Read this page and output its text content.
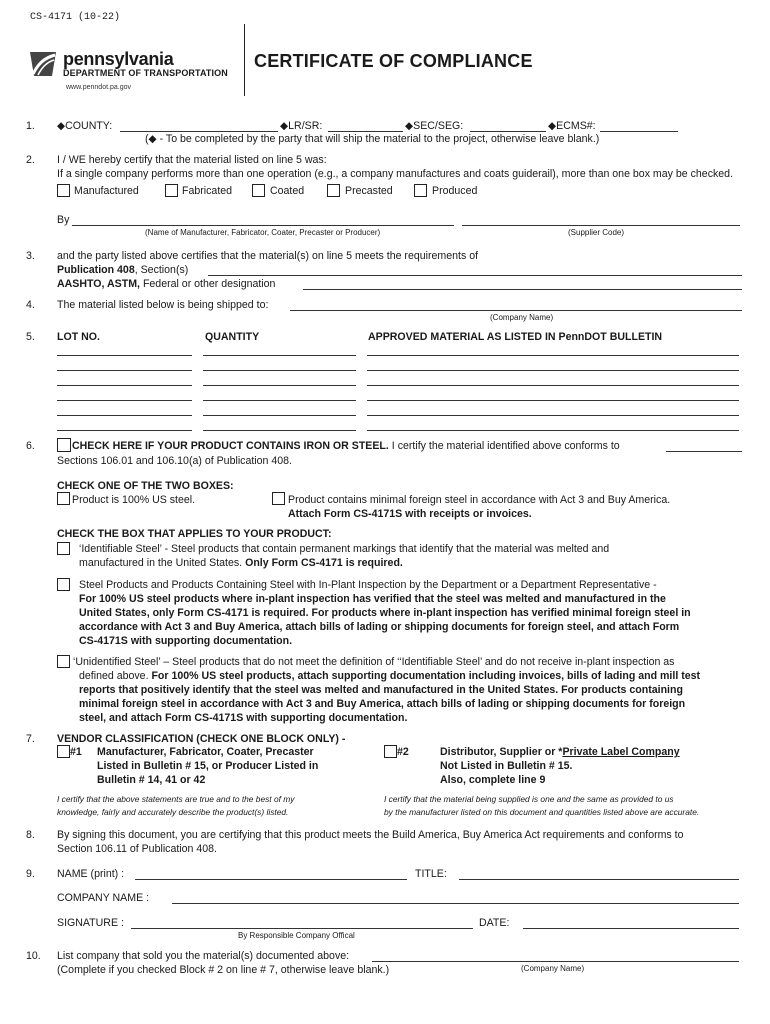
CS-4171 (10-22)
pennsylvania
DEPARTMENT OF TRANSPORTATION
www.penndot.pa.gov
CERTIFICATE OF COMPLIANCE
1. ◆COUNTY:	◆LR/SR:	◆SEC/SEG:	◆ECMS#:
(◆ - To be completed by the party that will ship the material to the project, otherwise leave blank.)
2. I / WE hereby certify that the material listed on line 5 was:
If a single company performs more than one operation (e.g., a company manufactures and coats guiderail), more than one box may be checked.
Manufactured	Fabricated	Coated	Precasted	Produced
By
(Name of Manufacturer, Fabricator, Coater, Precaster or Producer)	(Supplier Code)
3. and the party listed above certifies that the material(s) on line 5 meets the requirements of
Publication 408, Section(s)
AASHTO, ASTM, Federal or other designation
4. The material listed below is being shipped to:
(Company Name)
5. LOT NO.	QUANTITY	APPROVED MATERIAL AS LISTED IN PennDOT BULLETIN
6.	CHECK HERE IF YOUR PRODUCT CONTAINS IRON OR STEEL. I certify the material identified above conforms to
Sections 106.01 and 106.10(a) of Publication 408.
CHECK ONE OF THE TWO BOXES:
Product is 100% US steel.	Product contains minimal foreign steel in accordance with Act 3 and Buy America.
Attach Form CS-4171S with receipts or invoices.
CHECK THE BOX THAT APPLIES TO YOUR PRODUCT:
‘Identifiable Steel’ - Steel products that contain permanent markings that identify that the material was melted and
manufactured in the United States. Only Form CS-4171 is required.
Steel Products and Products Containing Steel with In-Plant Inspection by the Department or a Department Representative -
For 100% US steel products where in-plant inspection has verified that the steel was melted and manufactured in the
United States, only Form CS-4171 is required. For products where in-plant inspection has verified minimal foreign steel in
accordance with Act 3 and Buy America, attach bills of lading or shipping documents for foreign steel, and attach Form
CS-4171S with supporting documentation.
‘Unidentified Steel’ – Steel products that do not meet the definition of ‘‘Identifiable Steel’ and do not receive in-plant inspection as
defined above. For 100% US steel products, attach supporting documentation including invoices, bills of lading and mill test
reports that positively identify that the steel was melted and manufactured in the United States. For products containing
minimal foreign steel in accordance with Act 3 and Buy America, attach bills of lading or shipping documents for foreign
steel, and attach Form CS-4171S with supporting documentation.
7. VENDOR CLASSIFICATION (CHECK ONE BLOCK ONLY) -
#1 Manufacturer, Fabricator, Coater, Precaster
Listed in Bulletin # 15, or Producer Listed in
Bulletin # 14, 41 or 42
#2	Distributor, Supplier or *Private Label Company
Not Listed in Bulletin # 15.
Also, complete line 9
I certify that the above statements are true and to the best of my
knowledge, fairly and accurately describe the product(s) listed.
I certify that the material being supplied is one and the same as provided to us
by the manufacturer listed on this document and quantities listed above are accurate.
8. By signing this document, you are certifying that this product meets the Build America, Buy America Act requirements and conforms to
Section 106.11 of Publication 408.
9. NAME (print) :	TITLE:
COMPANY NAME :
SIGNATURE :	DATE:
By Responsible Company Offical
10. List company that sold you the material(s) documented above:
(Complete if you checked Block # 2 on line # 7, otherwise leave blank.)	(Company Name)
